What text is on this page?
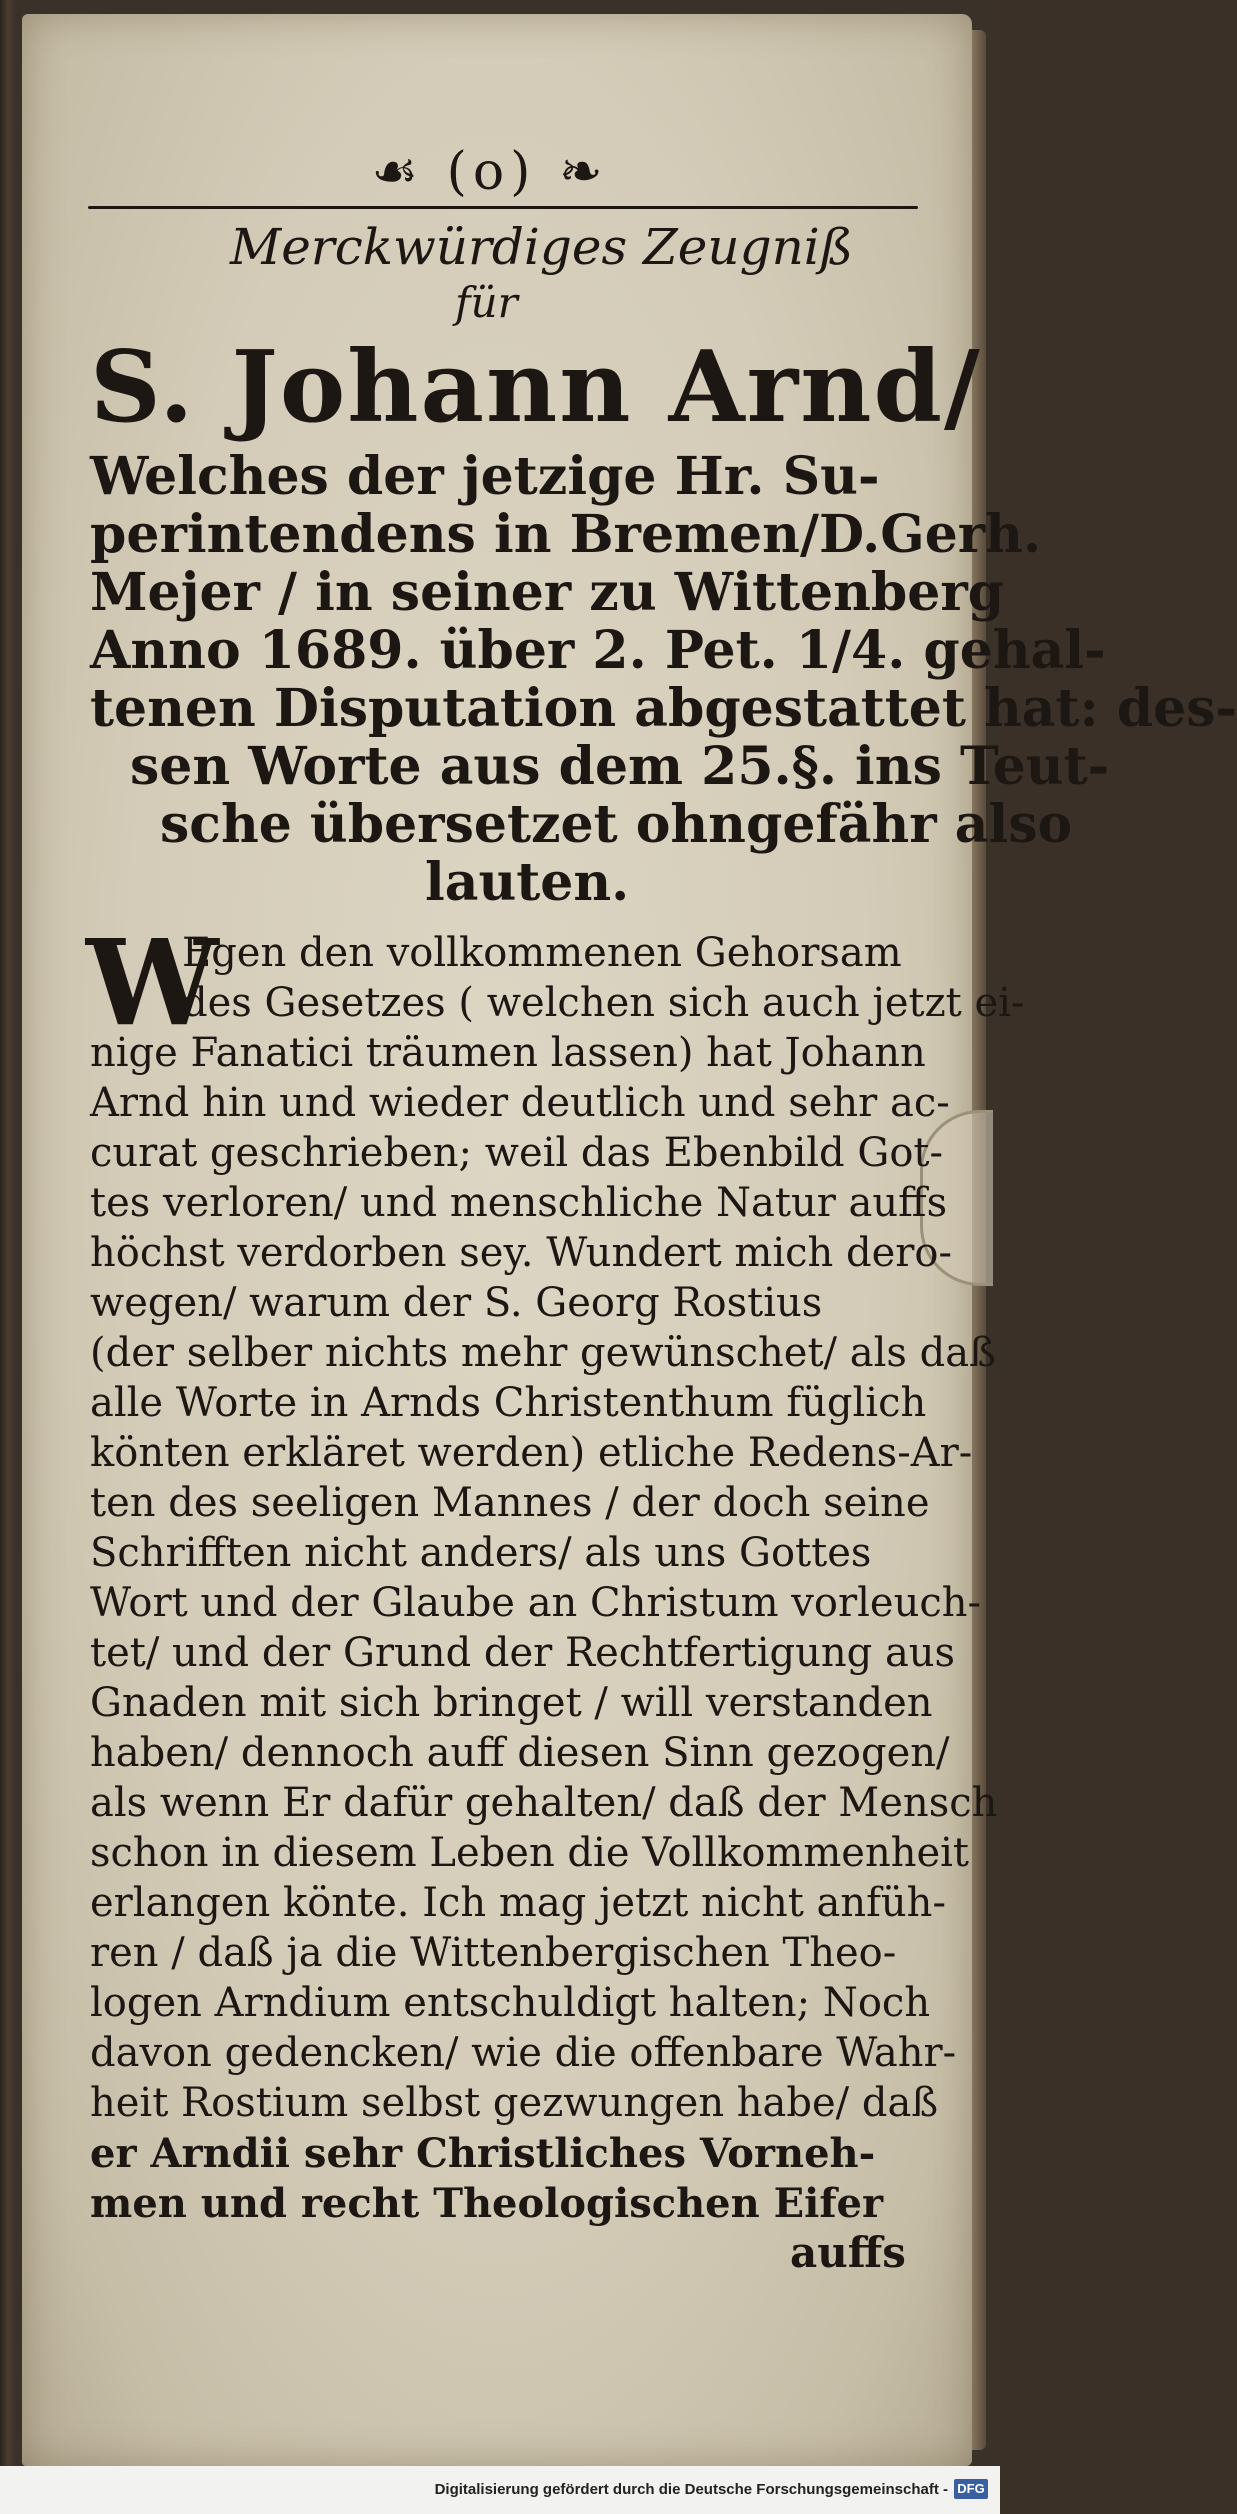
☙ (o) ❧
Merckwürdiges Zeugniß
für
S. Johann Arnd/
Welches der jetzige Hr. Su-
perintendens in Bremen/D.Gerh.
Mejer / in seiner zu Wittenberg
Anno 1689. über 2. Pet. 1/4. gehal-
tenen Disputation abgestattet hat: des-
sen Worte aus dem 25.§. ins Teut-
sche übersetzet ohngefähr also
lauten.
W
Egen den vollkommenen Gehorsam
des Gesetzes ( welchen sich auch jetzt ei-
nige Fanatici träumen lassen) hat Johann
Arnd hin und wieder deutlich und sehr ac-
curat geschrieben; weil das Ebenbild Got-
tes verloren/ und menschliche Natur auffs
höchst verdorben sey. Wundert mich dero-
wegen/ warum der S. Georg Rostius
(der selber nichts mehr gewünschet/ als daß
alle Worte in Arnds Christenthum füglich
könten erkläret werden) etliche Redens-Ar-
ten des seeligen Mannes / der doch seine
Schrifften nicht anders/ als uns Gottes
Wort und der Glaube an Christum vorleuch-
tet/ und der Grund der Rechtfertigung aus
Gnaden mit sich bringet / will verstanden
haben/ dennoch auff diesen Sinn gezogen/
als wenn Er dafür gehalten/ daß der Mensch
schon in diesem Leben die Vollkommenheit
erlangen könte. Ich mag jetzt nicht anfüh-
ren / daß ja die Wittenbergischen Theo-
logen Arndium entschuldigt halten; Noch
davon gedencken/ wie die offenbare Wahr-
heit Rostium selbst gezwungen habe/ daß
er Arndii sehr Christliches Vorneh-
men und recht Theologischen Eifer
auffs
Digitalisierung gefördert durch die Deutsche Forschungsgemeinschaft - DFG
